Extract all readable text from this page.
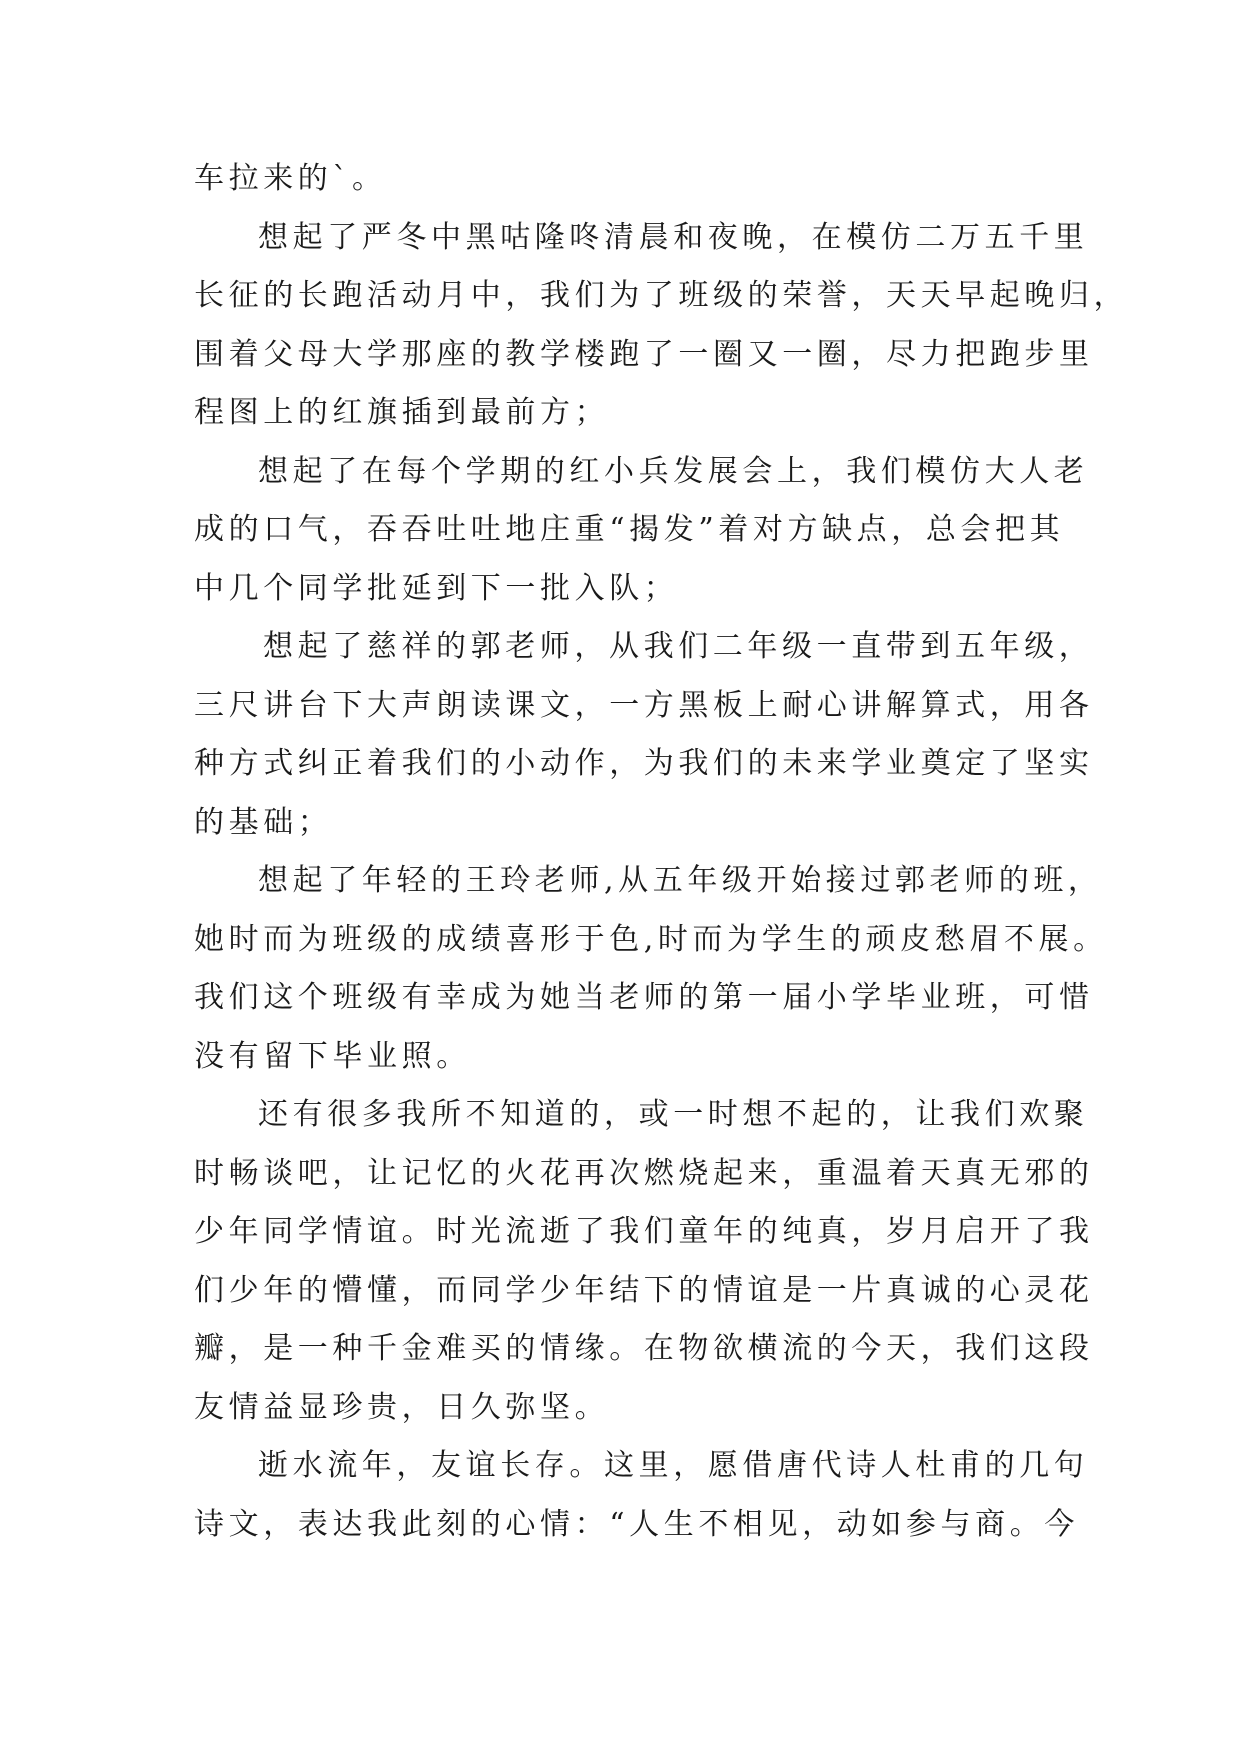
车拉来的`。
想起了严冬中黑咕隆咚清晨和夜晚，在模仿二万五千里
长征的长跑活动月中，我们为了班级的荣誉，天天早起晚归，
围着父母大学那座的教学楼跑了一圈又一圈，尽力把跑步里
程图上的红旗插到最前方；
想起了在每个学期的红小兵发展会上，我们模仿大人老
成的口气，吞吞吐吐地庄重“揭发”着对方缺点，总会把其
中几个同学批延到下一批入队；
想起了慈祥的郭老师，从我们二年级一直带到五年级，
三尺讲台下大声朗读课文，一方黑板上耐心讲解算式，用各
种方式纠正着我们的小动作，为我们的未来学业奠定了坚实
的基础；
想起了年轻的王玲老师,从五年级开始接过郭老师的班，
她时而为班级的成绩喜形于色,时而为学生的顽皮愁眉不展。
我们这个班级有幸成为她当老师的第一届小学毕业班，可惜
没有留下毕业照。
还有很多我所不知道的，或一时想不起的，让我们欢聚
时畅谈吧，让记忆的火花再次燃烧起来，重温着天真无邪的
少年同学情谊。时光流逝了我们童年的纯真，岁月启开了我
们少年的懵懂，而同学少年结下的情谊是一片真诚的心灵花
瓣，是一种千金难买的情缘。在物欲横流的今天，我们这段
友情益显珍贵，日久弥坚。
逝水流年，友谊长存。这里，愿借唐代诗人杜甫的几句
诗文，表达我此刻的心情：“人生不相见，动如参与商。今
